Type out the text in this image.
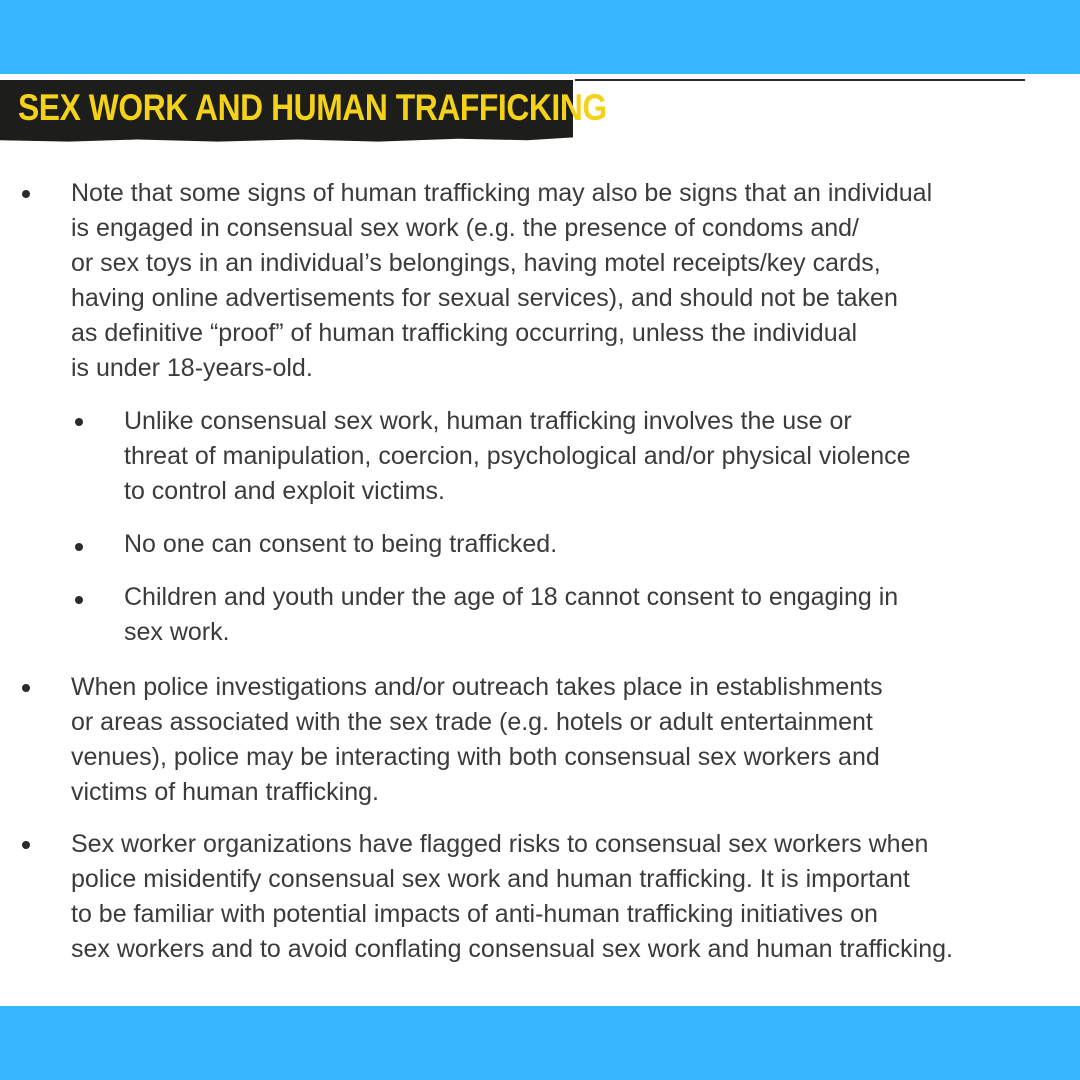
SEX WORK AND HUMAN TRAFFICKING
Note that some signs of human trafficking may also be signs that an individual
is engaged in consensual sex work (e.g. the presence of condoms and/
or sex toys in an individual’s belongings, having motel receipts/key cards,
having online advertisements for sexual services), and should not be taken
as definitive “proof” of human trafficking occurring, unless the individual
is under 18-years-old.
Unlike consensual sex work, human trafficking involves the use or
threat of manipulation, coercion, psychological and/or physical violence
to control and exploit victims.
No one can consent to being trafficked.
Children and youth under the age of 18 cannot consent to engaging in
sex work.
When police investigations and/or outreach takes place in establishments
or areas associated with the sex trade (e.g. hotels or adult entertainment
venues), police may be interacting with both consensual sex workers and
victims of human trafficking.
Sex worker organizations have flagged risks to consensual sex workers when
police misidentify consensual sex work and human trafficking. It is important
to be familiar with potential impacts of anti-human trafficking initiatives on
sex workers and to avoid conflating consensual sex work and human trafficking.
